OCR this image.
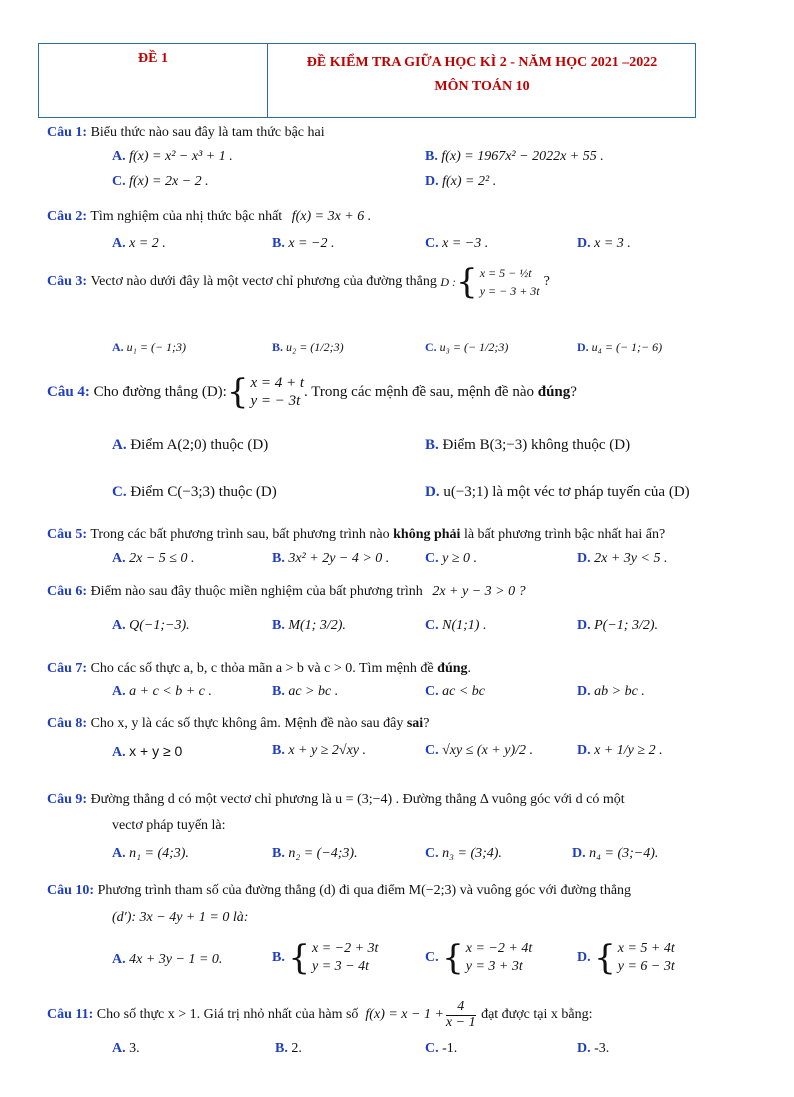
ĐỀ 1	ĐỀ KIỂM TRA GIỮA HỌC KÌ 2 - NĂM HỌC 2021 –2022
MÔN TOÁN 10
Câu 1: Biểu thức nào sau đây là tam thức bậc hai
A. f(x) = x² − x³ + 1 .	B. f(x) = 1967x² − 2022x + 55 .
C. f(x) = 2x − 2 .	D. f(x) = 2² .
Câu 2: Tìm nghiệm của nhị thức bậc nhất f(x) = 3x + 6 .
A. x = 2 .	B. x = −2 .	C. x = −3 .	D. x = 3 .
Câu 3:
Vectơ nào dưới đây là một vectơ chỉ phương của đường thẳng
D : { x = 5 − ½t
y = − 3 + 3t
?
A. u₁ = (− 1;3)	B. u₂ = (1/2;3)	C. u₃ = (− 1/2;3)	D. u₄ = (− 1;− 6)
Câu 4:
Cho đường thẳng
(D): { x = 4 + t
y = − 3t
. Trong các mệnh đề sau, mệnh đề nào
đúng ?
A. Điểm A(2;0) thuộc (D)	B. Điểm B(3;−3) không thuộc (D)
C. Điểm C(−3;3) thuộc (D)	D. u(−3;1) là một véc tơ pháp tuyến của (D)
Câu 5: Trong các bất phương trình sau, bất phương trình nào không phải là bất phương trình bậc nhất hai ẩn?
A. 2x − 5 ≤ 0 .	B. 3x² + 2y − 4 > 0 .	C. y ≥ 0 .	D. 2x + 3y < 5 .
Câu 6: Điểm nào sau đây thuộc miền nghiệm của bất phương trình 2x + y − 3 > 0 ?
A. Q(−1;−3).	B. M(1; 3/2).	C. N(1;1) .	D. P(−1; 3/2).
Câu 7: Cho các số thực a, b, c thỏa mãn a > b và c > 0. Tìm mệnh đề đúng.
A. a + c < b + c .	B. ac > bc .	C. ac < bc	D. ab > bc .
Câu 8: Cho x, y là các số thực không âm. Mệnh đề nào sau đây sai?
A. x + y ≥ 0	B. x + y ≥ 2√xy .	C. √xy ≤ (x + y)/2 .	D. x + 1/y ≥ 2 .
Câu 9: Đường thẳng d có một vectơ chỉ phương là u = (3;−4) . Đường thẳng Δ vuông góc với d có một
vectơ pháp tuyến là:
A. n₁ = (4;3).	B. n₂ = (−4;3).	C. n₃ = (3;4).	D. n₄ = (3;−4).
Câu 10: Phương trình tham số của đường thẳng (d) đi qua điểm M(−2;3) và vuông góc với đường thẳng
(d′): 3x − 4y + 1 = 0 là:
A. 4x + 3y − 1 = 0.	B.
{ x = −2 + 3t
y = 3 − 4t
C.
{ x = −2 + 4t
y = 3 + 3t
D.
{ x = 5 + 4t
y = 6 − 3t
Câu 11:
Cho số thực x > 1. Giá trị nhỏ nhất của hàm số
$f(x) = x - 1 + \frac{4}{x - 1}$
đạt được tại x bằng:
A. 3.	B. 2.	C. -1.	D. -3.
